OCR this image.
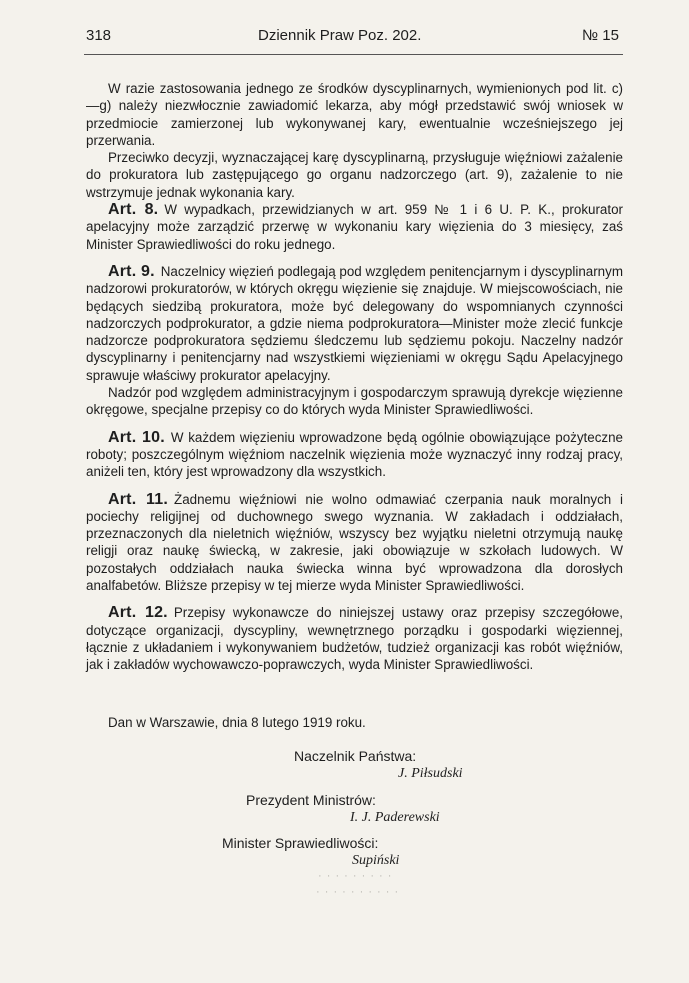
318	Dziennik Praw Poz. 202.	№ 15

W razie zastosowania jednego ze środków dyscyplinarnych, wymienionych pod lit. c)—g) należy niezwłocznie zawiadomić lekarza, aby mógł przedstawić swój wniosek w przedmiocie zamierzonej lub wykonywanej kary, ewentualnie wcześniejszego jej przerwania.

Przeciwko decyzji, wyznaczającej karę dyscyplinarną, przysługuje więźniowi zażalenie do prokuratora lub zastępującego go organu nadzorczego (art. 9), zażalenie to nie wstrzymuje jednak wykonania kary.

Art. 8. W wypadkach, przewidzianych w art. 959 № 1 i 6 U. P. K., prokurator apelacyjny może zarządzić przerwę w wykonaniu kary więzienia do 3 miesięcy, zaś Minister Sprawiedliwości do roku jednego.

Art. 9. Naczelnicy więzień podlegają pod względem penitencjarnym i dyscyplinarnym nadzorowi prokuratorów, w których okręgu więzienie się znajduje. W miejscowościach, nie będących siedzibą prokuratora, może być delegowany do wspomnianych czynności nadzorczych podprokurator, a gdzie niema podprokuratora—Minister może zlecić funkcje nadzorcze podprokuratora sędziemu śledczemu lub sędziemu pokoju. Naczelny nadzór dyscyplinarny i penitencjarny nad wszystkiemi więzieniami w okręgu Sądu Apelacyjnego sprawuje właściwy prokurator apelacyjny.

Nadzór pod względem administracyjnym i gospodarczym sprawują dyrekcje więzienne okręgowe, specjalne przepisy co do których wyda Minister Sprawiedliwości.

Art. 10. W każdem więzieniu wprowadzone będą ogólnie obowiązujące pożyteczne roboty; poszczególnym więźniom naczelnik więzienia może wyznaczyć inny rodzaj pracy, aniżeli ten, który jest wprowadzony dla wszystkich.

Art. 11. Żadnemu więźniowi nie wolno odmawiać czerpania nauk moralnych i pociechy religijnej od duchownego swego wyznania. W zakładach i oddziałach, przeznaczonych dla nieletnich więźniów, wszyscy bez wyjątku nieletni otrzymują naukę religji oraz naukę świecką, w zakresie, jaki obowiązuje w szkołach ludowych. W pozostałych oddziałach nauka świecka winna być wprowadzona dla dorosłych analfabetów. Bliższe przepisy w tej mierze wyda Minister Sprawiedliwości.

Art. 12. Przepisy wykonawcze do niniejszej ustawy oraz przepisy szczegółowe, dotyczące organizacji, dyscypliny, wewnętrznego porządku i gospodarki więziennej, łącznie z układaniem i wykonywaniem budżetów, tudzież organizacji kas robót więźniów, jak i zakładów wychowawczo-poprawczych, wyda Minister Sprawiedliwości.

Dan w Warszawie, dnia 8 lutego 1919 roku.
Naczelnik Państwa:
J. Piłsudski
Prezydent Ministrów:
I. J. Paderewski
Minister Sprawiedliwości:
Supiński
· · · · · · · · ·
· · · · · · · · · ·
